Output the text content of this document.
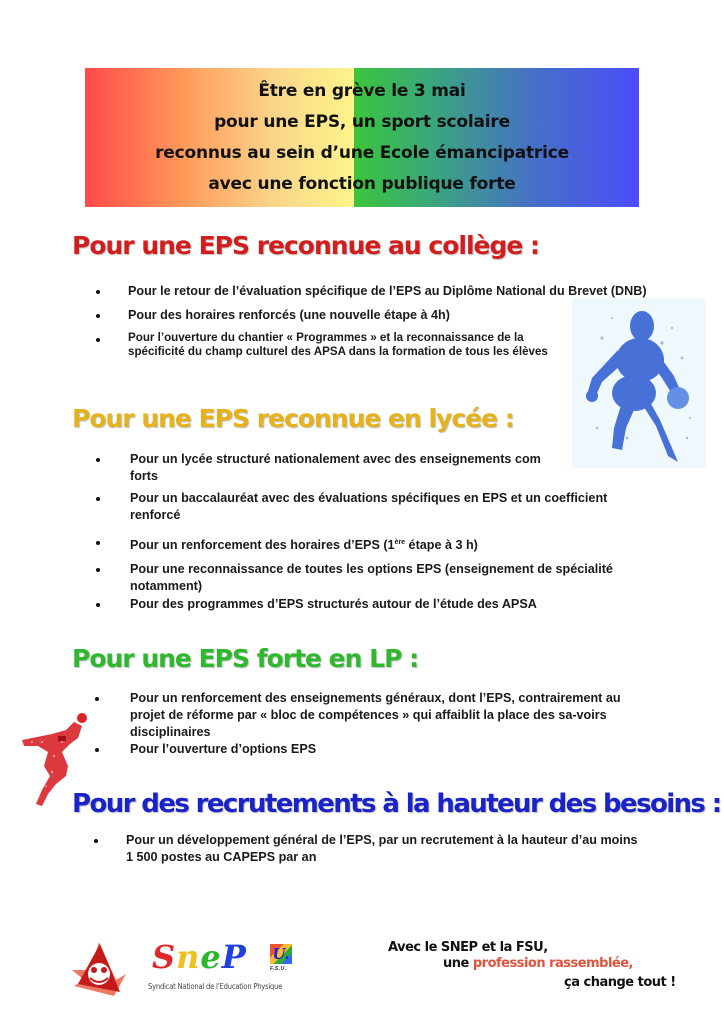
Être en grève le 3 mai
pour une EPS, un sport scolaire
reconnus au sein d’une Ecole émancipatrice
avec une fonction publique forte
Pour une EPS reconnue au collège :
Pour le retour de l’évaluation spécifique de l’EPS au Diplôme National du Brevet (DNB)
Pour des horaires renforcés (une nouvelle étape à 4h)
Pour l’ouverture du chantier « Programmes » et la reconnaissance de la spécificité du champ culturel des APSA dans la formation de tous les élèves
Pour une EPS reconnue en lycée :
Pour un lycée structuré nationalement avec des enseignements com forts
Pour un baccalauréat avec des évaluations spécifiques en EPS et un coefficient renforcé
Pour un renforcement des horaires d’EPS (1ère étape à 3 h)
Pour une reconnaissance de toutes les options EPS (enseignement de spécialité notamment)
Pour des programmes d’EPS structurés autour de l’étude des APSA
Pour une EPS forte en LP :
Pour un renforcement des enseignements généraux, dont l’EPS, contrairement au projet de réforme par « bloc de compétences » qui affaiblit la place des sa-voirs disciplinaires
Pour l’ouverture d’options EPS
Pour des recrutements à la hauteur des besoins :
Pour un développement général de l’EPS, par un recrutement à la hauteur d’au moins 1 500 postes au CAPEPS par an
SneP U.
F.S.U.
Syndicat National de l’Education Physique
Avec le SNEP et la FSU,
une profession rassemblée,
ça change tout !
